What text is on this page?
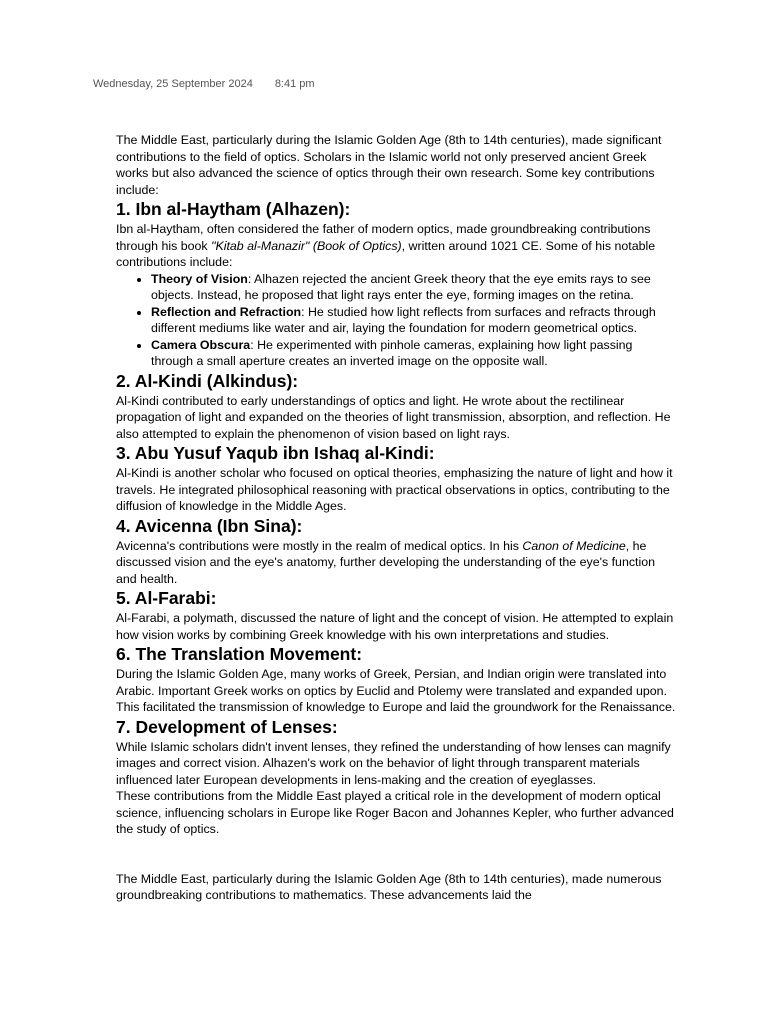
Wednesday, 25 September 2024 8:41 pm

The Middle East, particularly during the Islamic Golden Age (8th to 14th centuries), made significant contributions to the field of optics. Scholars in the Islamic world not only preserved ancient Greek works but also advanced the science of optics through their own research. Some key contributions include:

1. Ibn al-Haytham (Alhazen):

Ibn al-Haytham, often considered the father of modern optics, made groundbreaking contributions through his book "Kitab al-Manazir" (Book of Optics), written around 1021 CE. Some of his notable contributions include:

• Theory of Vision: Alhazen rejected the ancient Greek theory that the eye emits rays to see objects. Instead, he proposed that light rays enter the eye, forming images on the retina.
• Reflection and Refraction: He studied how light reflects from surfaces and refracts through different mediums like water and air, laying the foundation for modern geometrical optics.
• Camera Obscura: He experimented with pinhole cameras, explaining how light passing through a small aperture creates an inverted image on the opposite wall.
2. Al-Kindi (Alkindus):

Al-Kindi contributed to early understandings of optics and light. He wrote about the rectilinear propagation of light and expanded on the theories of light transmission, absorption, and reflection. He also attempted to explain the phenomenon of vision based on light rays.

3. Abu Yusuf Yaqub ibn Ishaq al-Kindi:

Al-Kindi is another scholar who focused on optical theories, emphasizing the nature of light and how it travels. He integrated philosophical reasoning with practical observations in optics, contributing to the diffusion of knowledge in the Middle Ages.

4. Avicenna (Ibn Sina):

Avicenna's contributions were mostly in the realm of medical optics. In his Canon of Medicine, he discussed vision and the eye's anatomy, further developing the understanding of the eye's function and health.

5. Al-Farabi:

Al-Farabi, a polymath, discussed the nature of light and the concept of vision. He attempted to explain how vision works by combining Greek knowledge with his own interpretations and studies.

6. The Translation Movement:

During the Islamic Golden Age, many works of Greek, Persian, and Indian origin were translated into Arabic. Important Greek works on optics by Euclid and Ptolemy were translated and expanded upon. This facilitated the transmission of knowledge to Europe and laid the groundwork for the Renaissance.

7. Development of Lenses:

While Islamic scholars didn't invent lenses, they refined the understanding of how lenses can magnify images and correct vision. Alhazen's work on the behavior of light through transparent materials influenced later European developments in lens-making and the creation of eyeglasses.

These contributions from the Middle East played a critical role in the development of modern optical science, influencing scholars in Europe like Roger Bacon and Johannes Kepler, who further advanced the study of optics.

The Middle East, particularly during the Islamic Golden Age (8th to 14th centuries), made numerous groundbreaking contributions to mathematics. These advancements laid the
